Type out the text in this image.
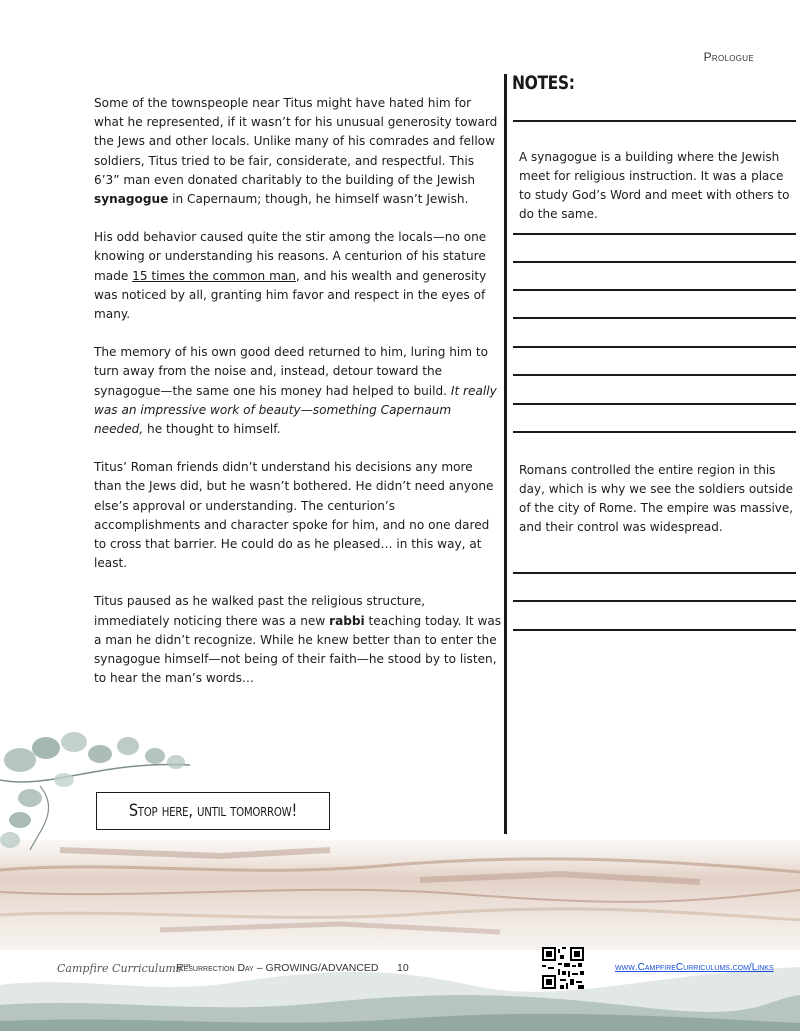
Prologue

Some of the townspeople near Titus might have hated him for what he represented, if it wasn’t for his unusual generosity toward the Jews and other locals. Unlike many of his comrades and fellow soldiers, Titus tried to be fair, considerate, and respectful. This 6’3” man even donated charitably to the building of the Jewish synagogue in Capernaum; though, he himself wasn’t Jewish.

His odd behavior caused quite the stir among the locals—no one knowing or understanding his reasons. A centurion of his stature made 15 times the common man, and his wealth and generosity was noticed by all, granting him favor and respect in the eyes of many.

The memory of his own good deed returned to him, luring him to turn away from the noise and, instead, detour toward the synagogue—the same one his money had helped to build. It really was an impressive work of beauty—something Capernaum needed, he thought to himself.

Titus’ Roman friends didn’t understand his decisions any more than the Jews did, but he wasn’t bothered. He didn’t need anyone else’s approval or understanding. The centurion’s accomplishments and character spoke for him, and no one dared to cross that barrier. He could do as he pleased… in this way, at least.

Titus paused as he walked past the religious structure, immediately noticing there was a new rabbi teaching today. It was a man he didn’t recognize. While he knew better than to enter the synagogue himself—not being of their faith—he stood by to listen, to hear the man’s words…

NOTES:
A synagogue is a building where the Jewish meet for religious instruction. It was a place to study God’s Word and meet with others to do the same.
Romans controlled the entire region in this day, which is why we see the soldiers outside of the city of Rome. The empire was massive, and their control was widespread.
Stop here, until tomorrow!
Campfire Curriculums™
Resurrection Day – GROWING/ADVANCED 10	www.CampfireCurriculums.com/Links
